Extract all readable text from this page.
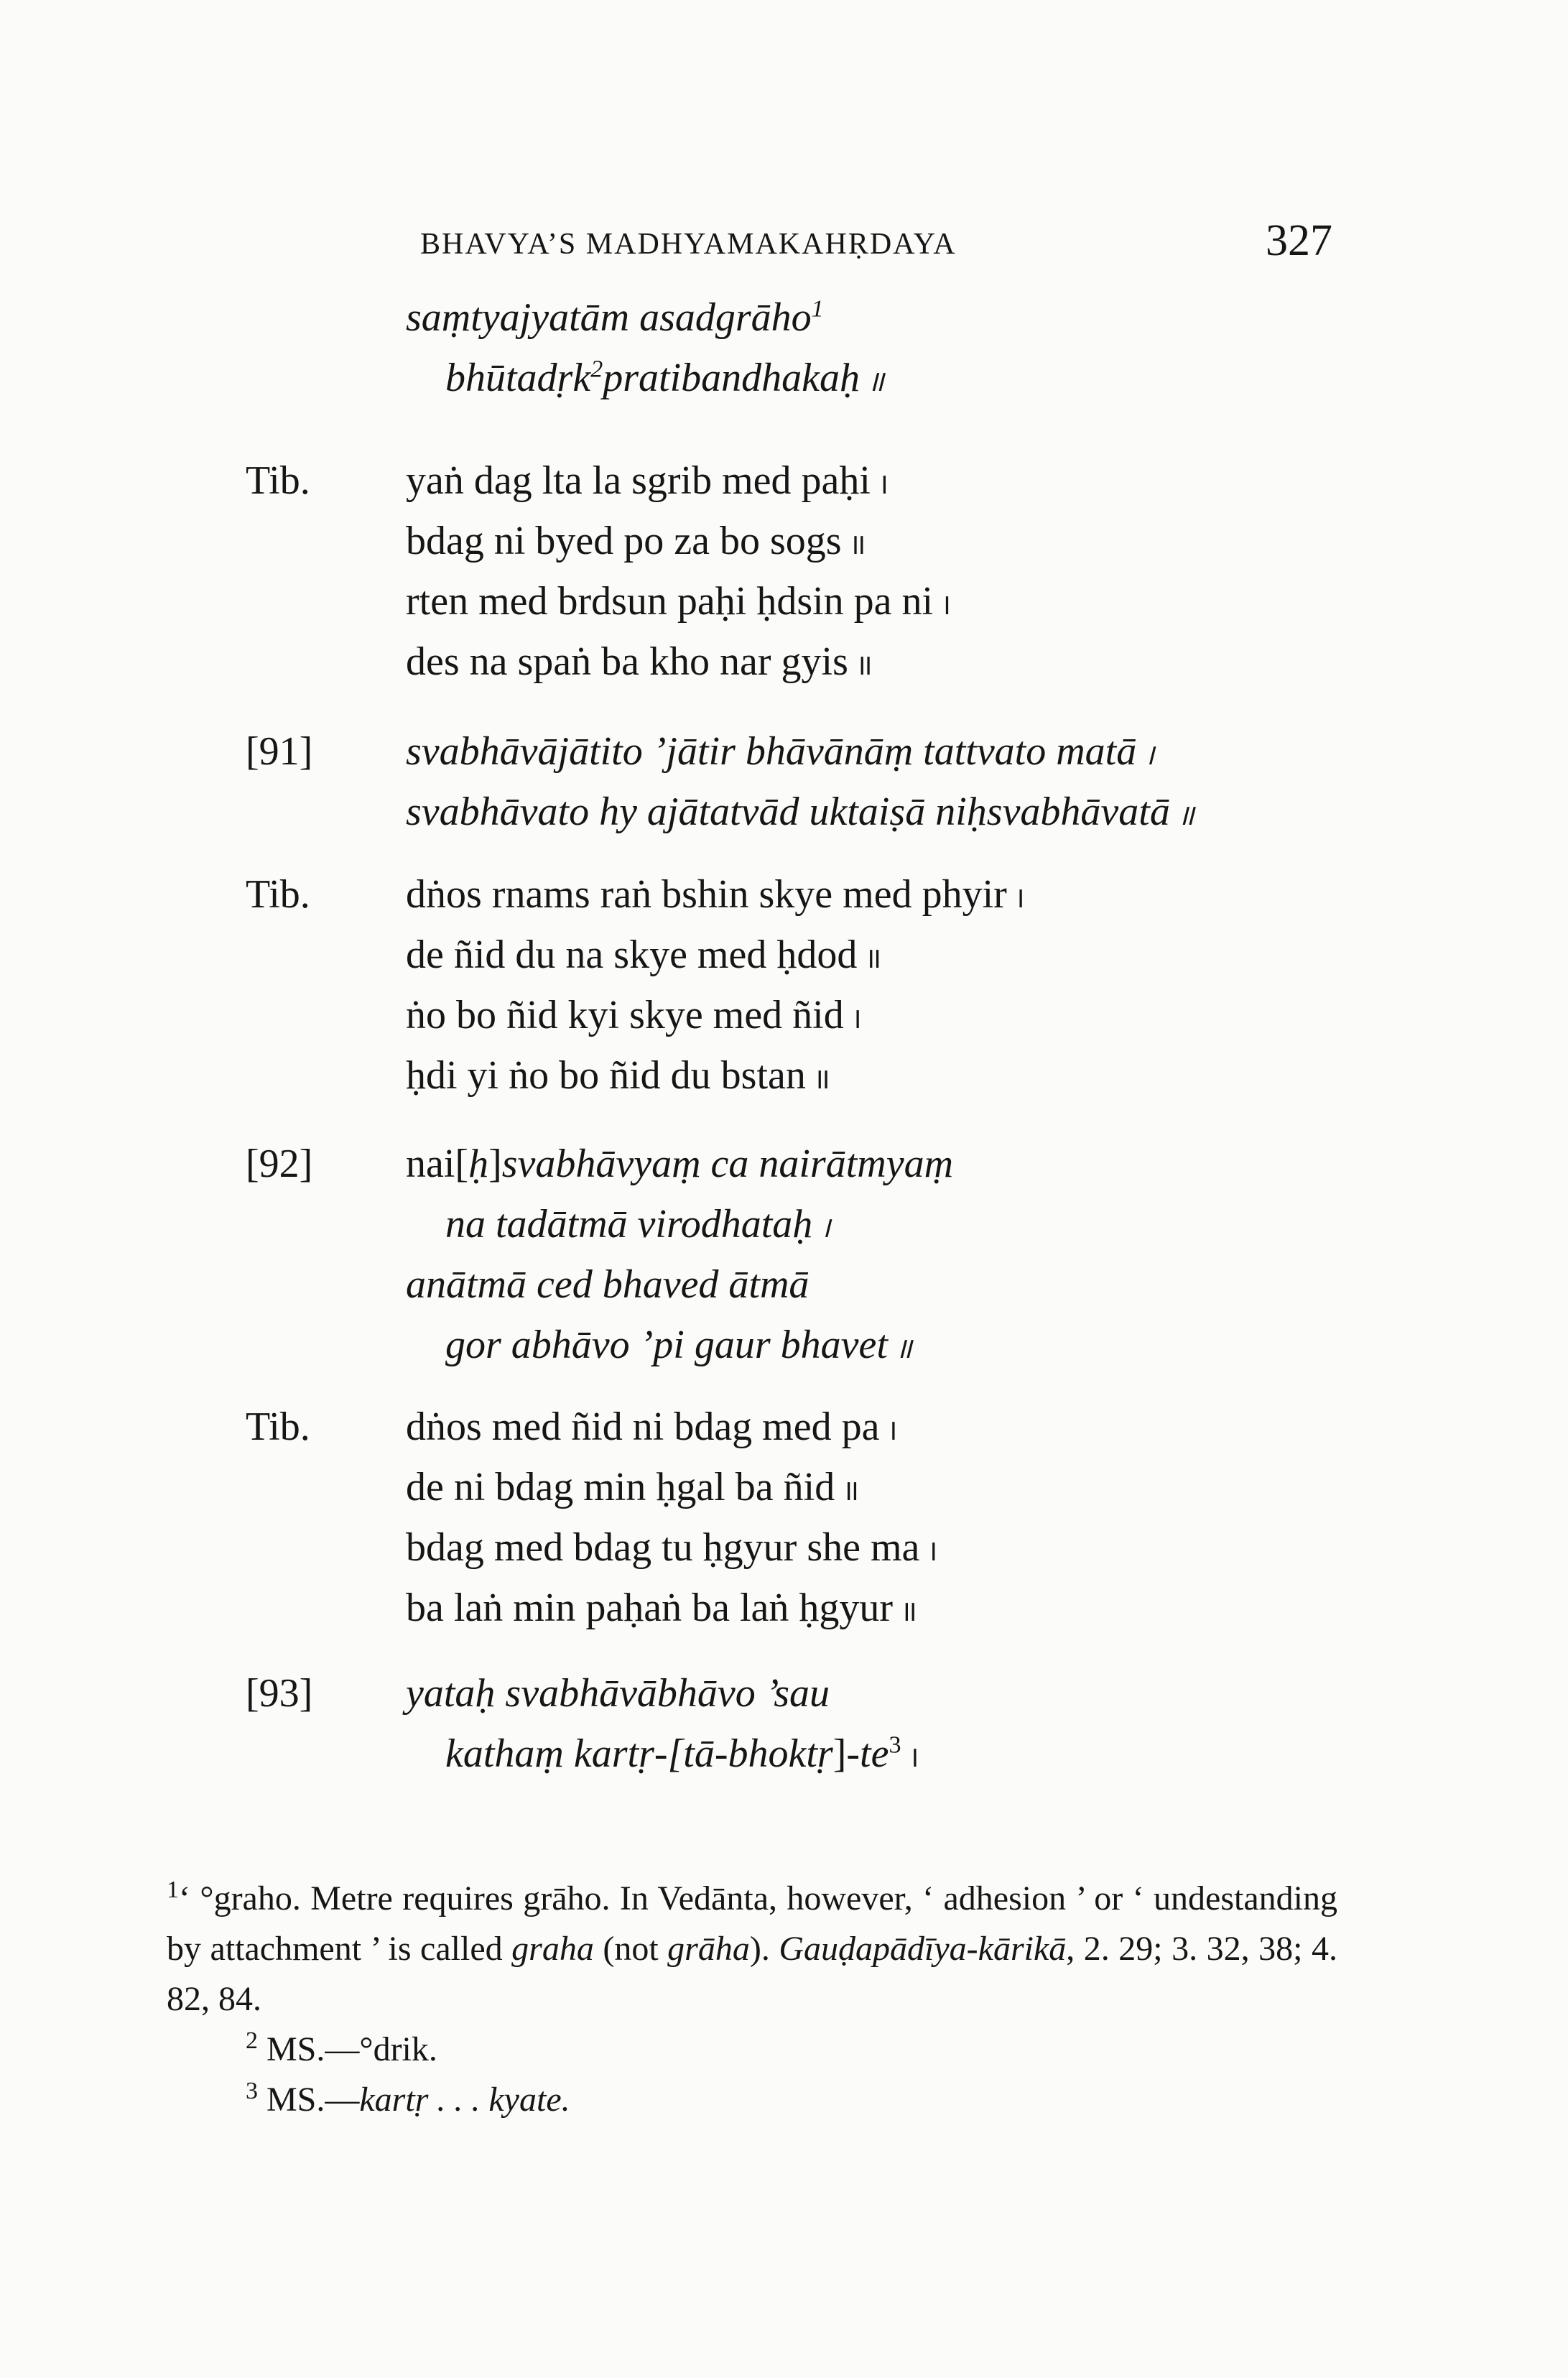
BHAVYA’S MADHYAMAKAHṚDAYA	327
saṃtyajyatām asadgrāho$^1$
bhūtadṛk$^2$pratibandhakaḥ ॥
Tib. yaṅ dag lta la sgrib med paḥi ।
bdag ni byed po za bo sogs ॥
rten med brdsun paḥi ḥdsin pa ni ।
des na spaṅ ba kho nar gyis ॥
[91] svabhāvājātito ’jātir bhāvānāṃ tattvato matā ।
svabhāvato hy ajātatvād uktaiṣā niḥsvabhāvatā ॥
Tib. dṅos rnams raṅ bshin skye med phyir ।
de ñid du na skye med ḥdod ॥
ṅo bo ñid kyi skye med ñid ।
ḥdi yi ṅo bo ñid du bstan ॥
[92] nai[ḥ]svabhāvyaṃ ca nairātmyaṃ
na tadātmā virodhataḥ ।
anātmā ced bhaved ātmā
gor abhāvo ’pi gaur bhavet ॥
Tib. dṅos med ñid ni bdag med pa ।
de ni bdag min ḥgal ba ñid ॥
bdag med bdag tu ḥgyur she ma ।
ba laṅ min paḥaṅ ba laṅ ḥgyur ॥
[93] yataḥ svabhāvābhāvo ’sau
kathaṃ kartṛ-$[tā-bhoktṛ]-te^3$ ।
$^1$‘ °graho. Metre requires grāho. In Vedānta, however, ‘ adhesion ’ or ‘ undestanding by attachment ’ is called graha (not grāha). Gauḍapādīya-kārikā, 2. 29; 3. 32, 38; 4. 82, 84.
$^2$ MS.—°drik.
$^3$ MS.—kartṛ . . . kyate.
